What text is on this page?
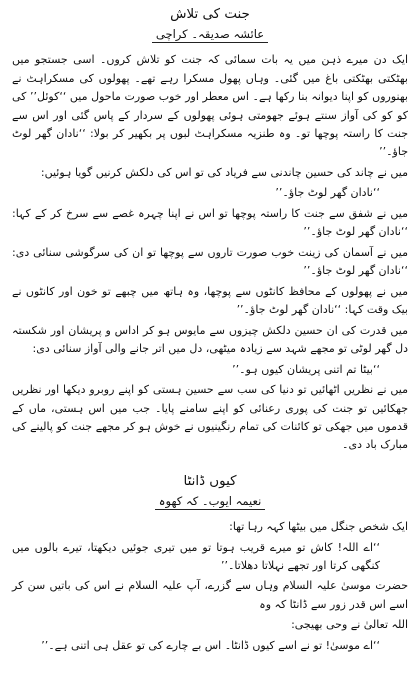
جنت کی تلاش
عائشہ صدیقہ۔ کراچی

ایک دن میرے ذہن میں یہ بات سمائی کہ جنت کو تلاش کروں۔ اسی جستجو میں بھٹکتی بھٹکتی باغ میں گئی۔ وہاں پھول مسکرا رہے تھے۔ پھولوں کی مسکراہٹ نے بھنوروں کو اپنا دیوانہ بنا رکھا ہے۔ اس معطر اور خوب صورت ماحول میں ‘‘کوئل’’ کی کو کو کی آواز سنتے ہوئے جھومتی ہوئی پھولوں کے سردار کے پاس گئی اور اس سے جنت کا راستہ پوچھا تو۔ وہ طنزیہ مسکراہٹ لبوں پر بکھیر کر بولا: ‘‘نادان گھر لوٹ جاؤ۔’’

میں نے چاند کی حسین چاندنی سے فریاد کی تو اس کی دلکش کرنیں گویا ہوئیں:

‘‘نادان گھر لوٹ جاؤ۔’’

میں نے شفق سے جنت کا راستہ پوچھا تو اس نے اپنا چہرہ غصے سے سرخ کر کے کہا: ‘‘نادان گھر لوٹ جاؤ۔’’

میں نے آسمان کی زینت خوب صورت تاروں سے پوچھا تو ان کی سرگوشی سنائی دی: ‘‘نادان گھر لوٹ جاؤ۔’’

میں نے پھولوں کے محافظ کانٹوں سے پوچھا، وہ ہاتھ میں چبھے تو خون اور کانٹوں نے بیک وقت کہا: ‘‘نادان گھر لوٹ جاؤ۔’’

میں قدرت کی ان حسین دلکش چیزوں سے مایوس ہو کر اداس و پریشان اور شکستہ دل گھر لوٹی تو مجھے شہد سے زیادہ میٹھی، دل میں اتر جانے والی آواز سنائی دی:

‘‘بیٹا تم اتنی پریشان کیوں ہو۔’’

میں نے نظریں اٹھائیں تو دنیا کی سب سے حسین ہستی کو اپنے روبرو دیکھا اور نظریں جھکائیں تو جنت کی پوری رعنائی کو اپنے سامنے پایا۔ جب میں اس ہستی، ماں کے قدموں میں جھکی تو کائنات کی تمام رنگینیوں نے خوش ہو کر مجھے جنت کو پالینے کی مبارک باد دی۔

کیوں ڈانٹا
نعیمہ ایوب۔ کہ کھوہ

ایک شخص جنگل میں بیٹھا کہہ رہا تھا:

‘‘اے اللہ! کاش تو میرے قریب ہوتا تو میں تیری جوئیں دیکھتا، تیرے بالوں میں کنگھی کرتا اور تجھے نہلاتا دھلاتا۔’’

حضرت موسیٰ علیہ السلام وہاں سے گزرے، آپ علیہ السلام نے اس کی باتیں سن کر اسے اس قدر زور سے ڈانٹا کہ وہ

اللہ تعالیٰ نے وحی بھیجی:

‘‘اے موسیٰ! تو نے اسے کیوں ڈانٹا۔ اس بے چارے کی تو عقل ہی اتنی ہے۔’’
